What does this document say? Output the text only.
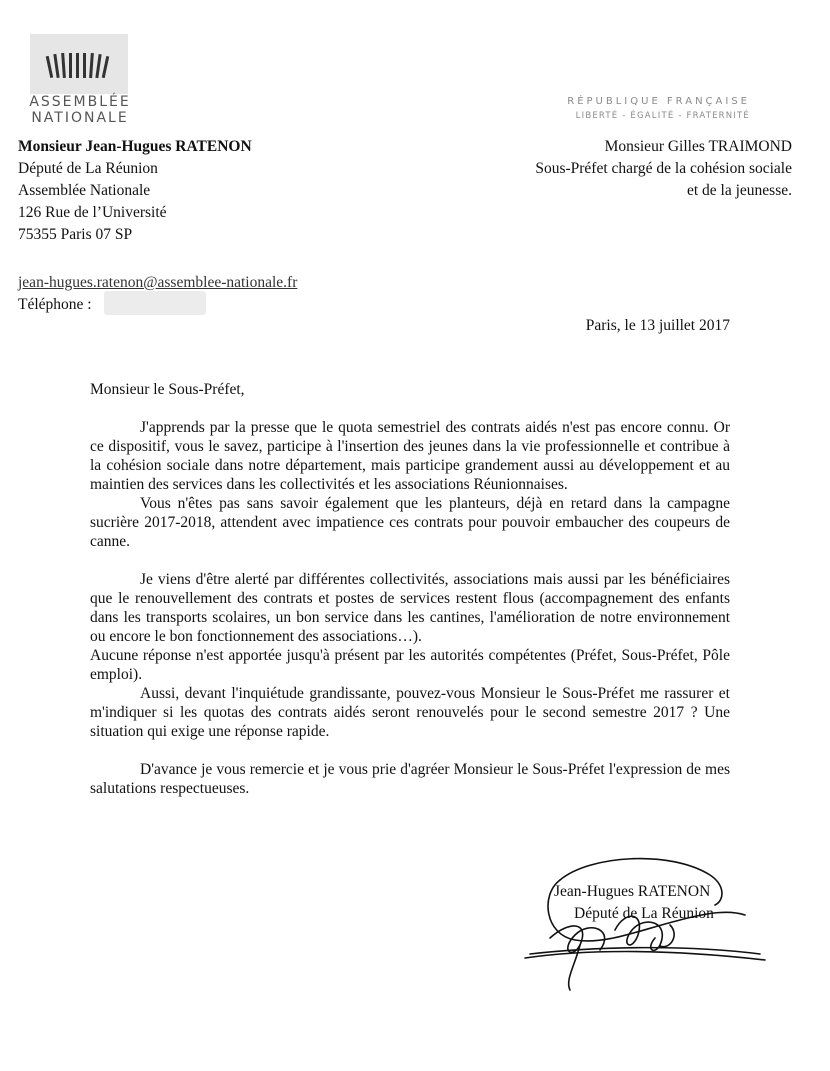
ASSEMBLÉE
NATIONALE
RÉPUBLIQUE FRANÇAISE
LIBERTÉ - ÉGALITÉ - FRATERNITÉ
Monsieur Jean-Hugues RATENON
Député de La Réunion
Assemblée Nationale
126 Rue de l’Université
75355 Paris 07 SP
jean-hugues.ratenon@assemblee-nationale.fr
Téléphone :
Monsieur Gilles TRAIMOND
Sous-Préfet chargé de la cohésion sociale
et de la jeunesse.
Paris, le 13 juillet 2017

Monsieur le Sous-Préfet,

J'apprends par la presse que le quota semestriel des contrats aidés n'est pas encore connu. Or ce dispositif, vous le savez, participe à l'insertion des jeunes dans la vie professionnelle et contribue à la cohésion sociale dans notre département, mais participe grandement aussi au développement et au maintien des services dans les collectivités et les associations Réunionnaises.

Vous n'êtes pas sans savoir également que les planteurs, déjà en retard dans la campagne sucrière 2017-2018, attendent avec impatience ces contrats pour pouvoir embaucher des coupeurs de canne.

Je viens d'être alerté par différentes collectivités, associations mais aussi par les bénéficiaires que le renouvellement des contrats et postes de services restent flous (accompagnement des enfants dans les transports scolaires, un bon service dans les cantines, l'amélioration de notre environnement ou encore le bon fonctionnement des associations…).

Aucune réponse n'est apportée jusqu'à présent par les autorités compétentes (Préfet, Sous-Préfet, Pôle emploi).

Aussi, devant l'inquiétude grandissante, pouvez-vous Monsieur le Sous-Préfet me rassurer et m'indiquer si les quotas des contrats aidés seront renouvelés pour le second semestre 2017 ? Une situation qui exige une réponse rapide.

D'avance je vous remercie et je vous prie d'agréer Monsieur le Sous-Préfet l'expression de mes salutations respectueuses.

Jean-Hugues RATENON
Député de La Réunion
